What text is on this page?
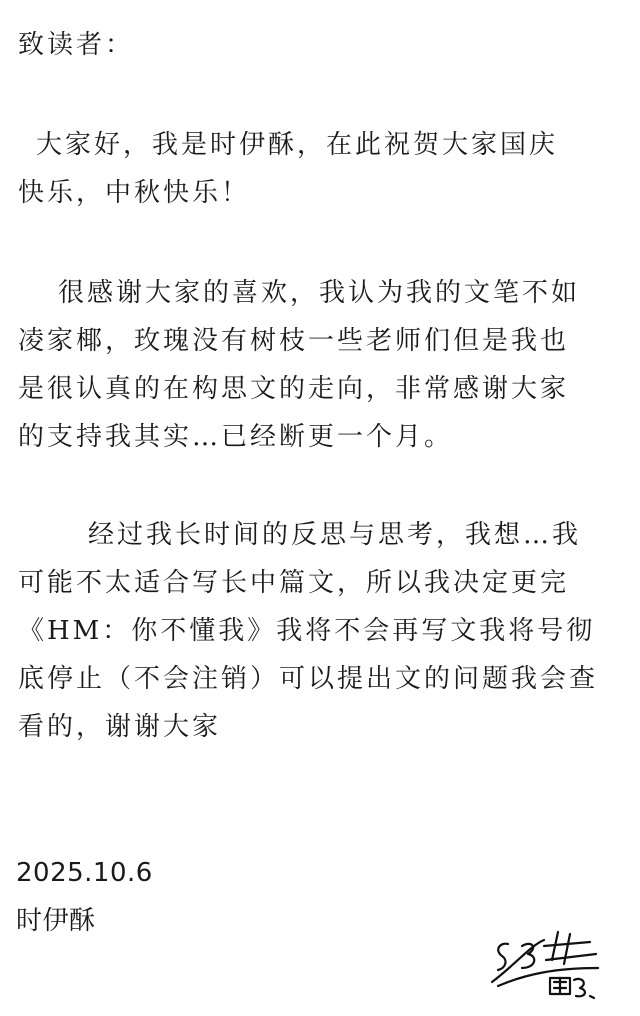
致读者：
大家好，我是时伊酥，在此祝贺大家国庆
快乐，中秋快乐！
很感谢大家的喜欢，我认为我的文笔不如
凌家椰，玫瑰没有树枝一些老师们但是我也
是很认真的在构思文的走向，非常感谢大家
的支持我其实…已经断更一个月。
经过我长时间的反思与思考，我想…我
可能不太适合写长中篇文，所以我决定更完
《HM：你不懂我》我将不会再写文我将号彻
底停止（不会注销）可以提出文的问题我会查
看的，谢谢大家
2025.10.6
时伊酥
